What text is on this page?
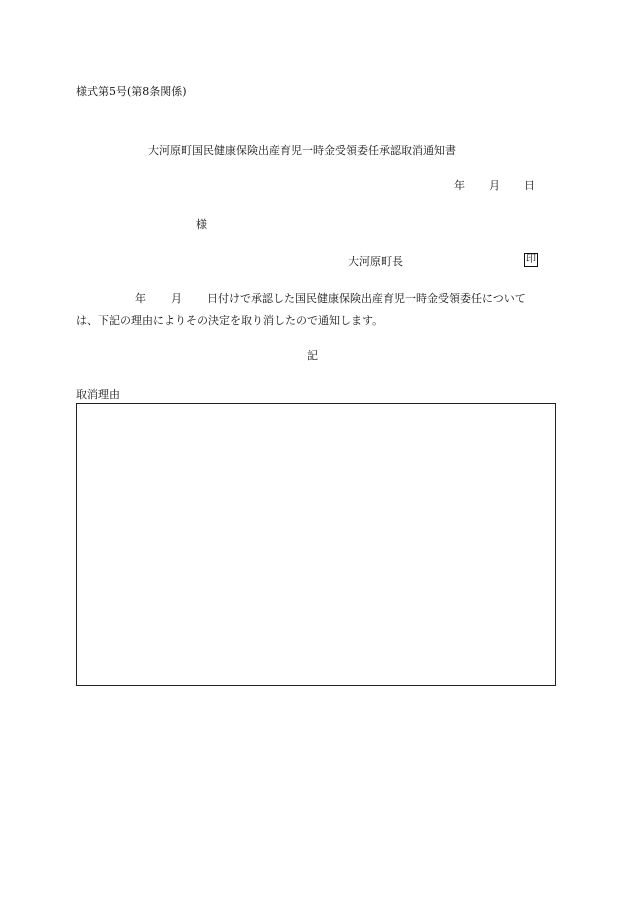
様式第5号(第8条関係)
大河原町国民健康保険出産育児一時金受領委任承認取消通知書
年 月 日
様
大河原町長	印
年 月 日付けで承認した国民健康保険出産育児一時金受領委任について
は、下記の理由によりその決定を取り消したので通知します。
記
取消理由
